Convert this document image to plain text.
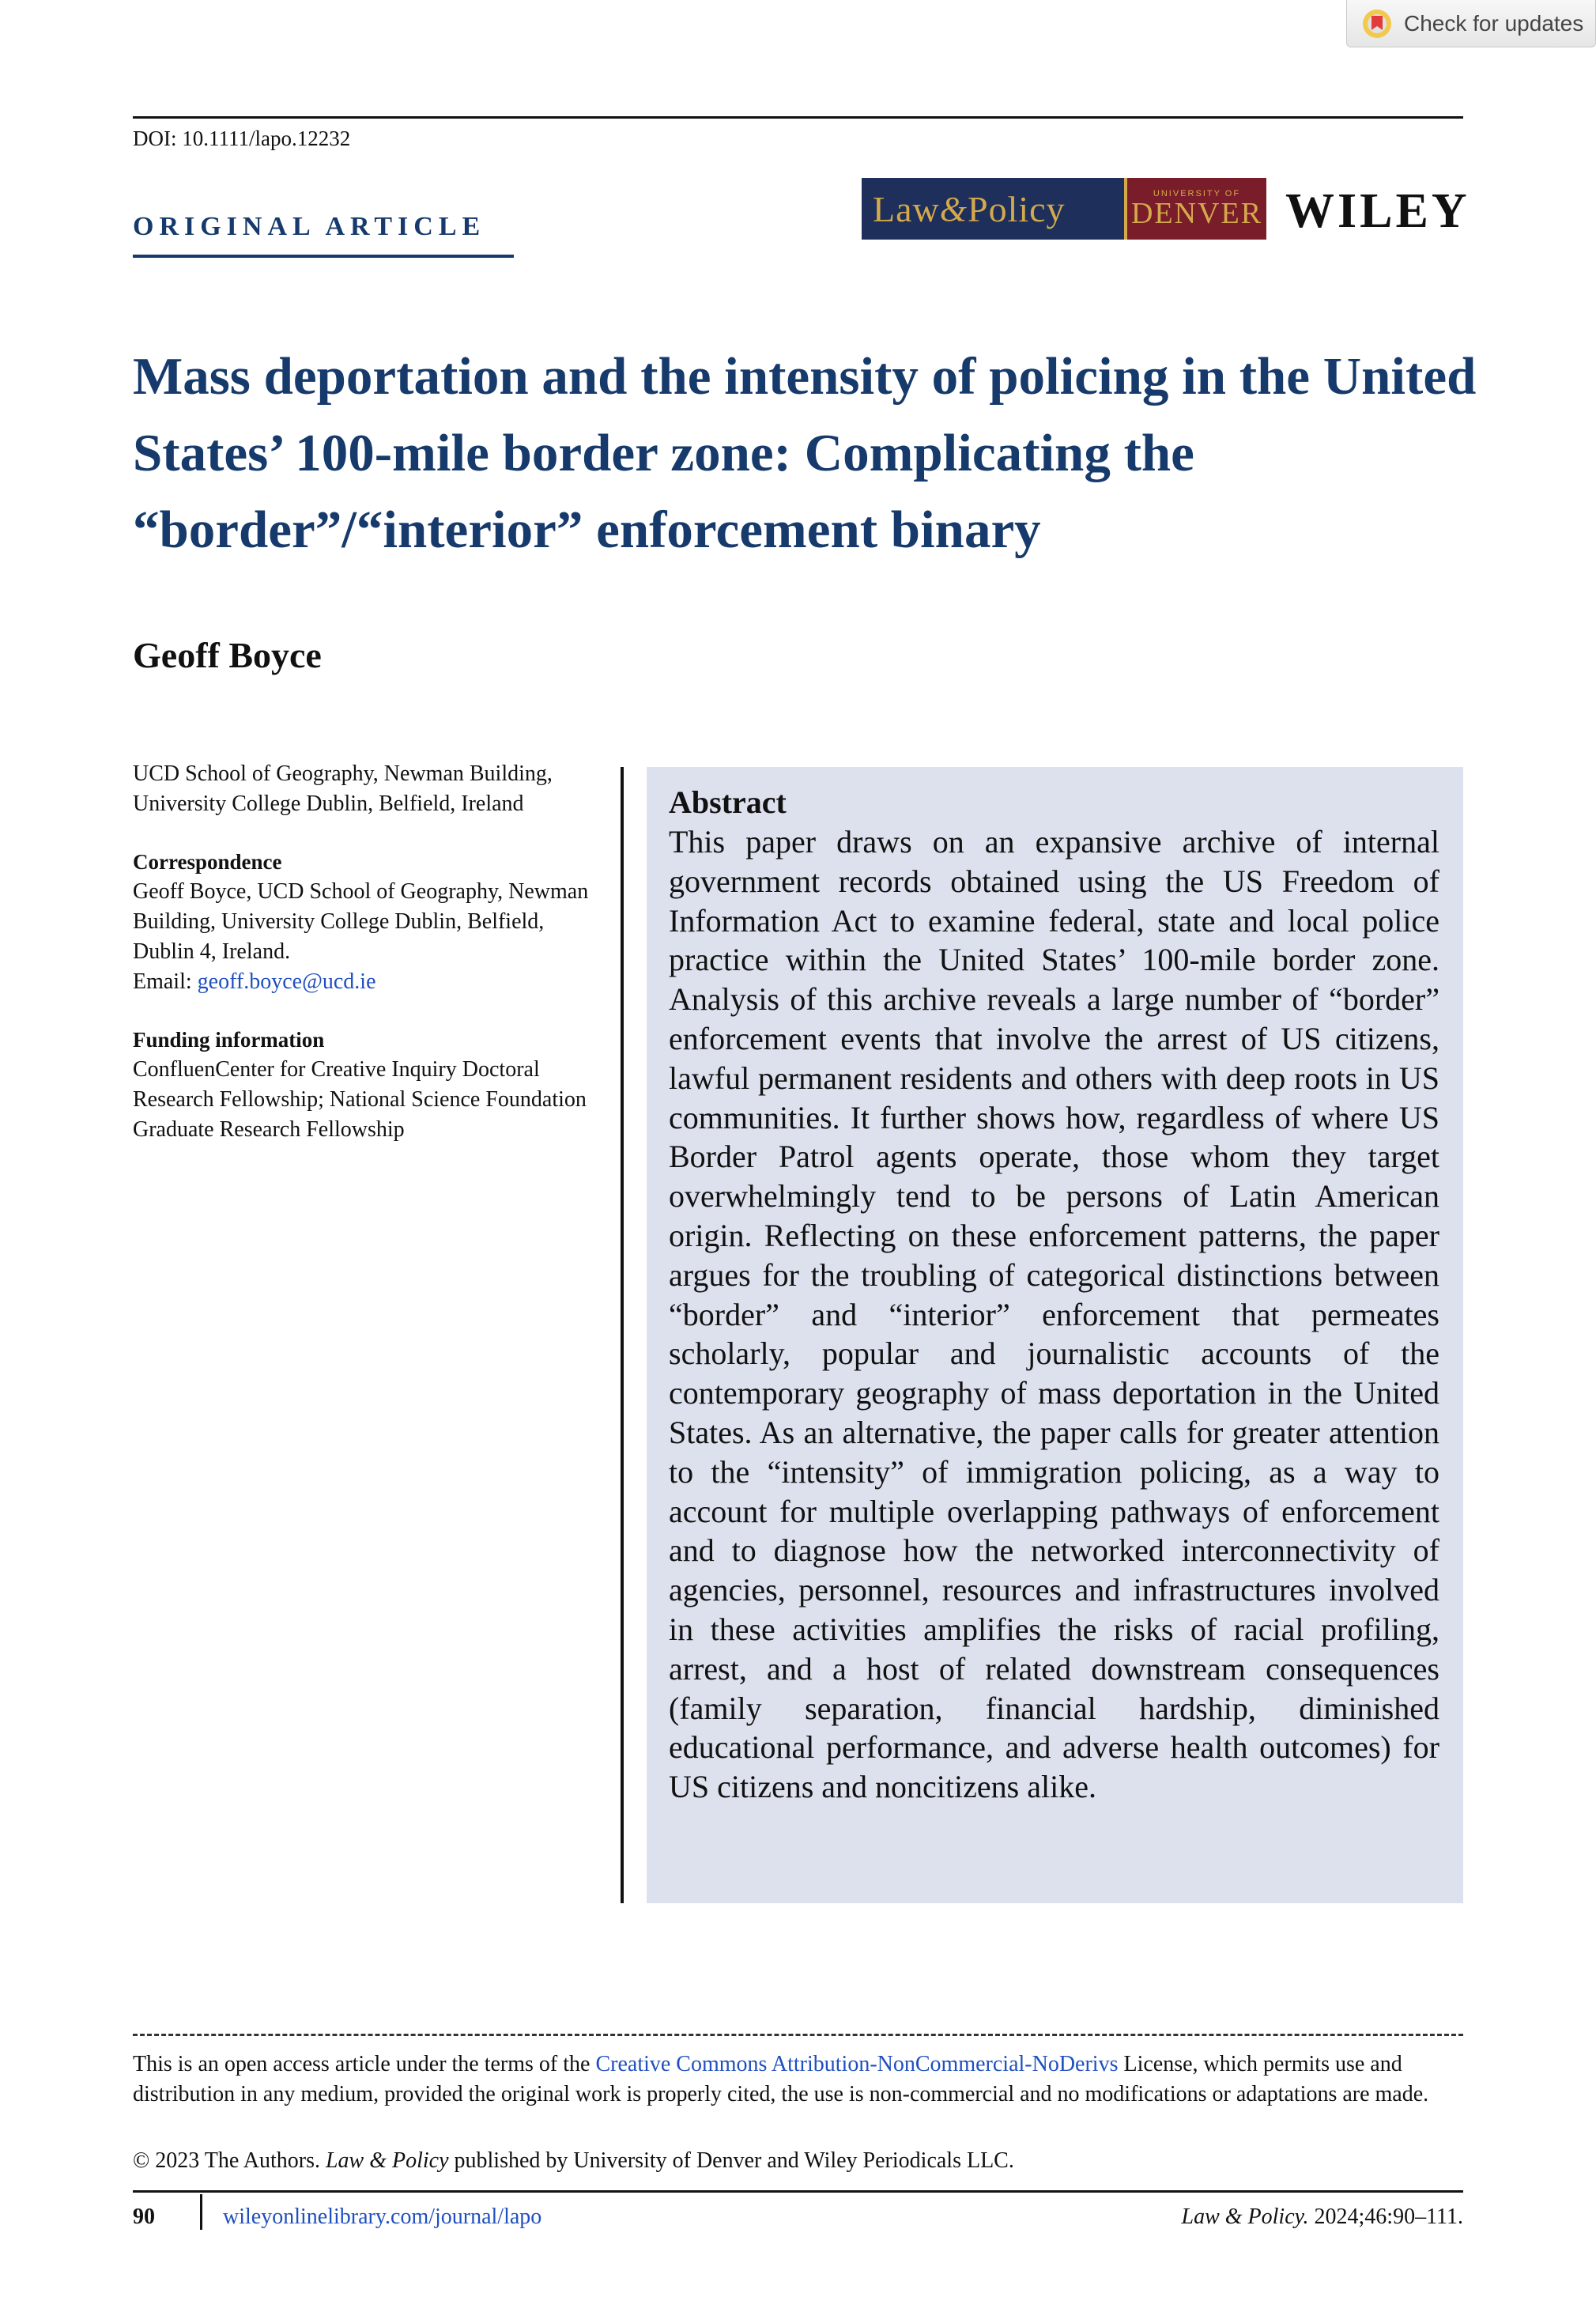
Check for updates
DOI: 10.1111/lapo.12232
ORIGINAL ARTICLE	Law & Policy	UNIVERSITY OF
DENVER WILEY
Mass deportation and the intensity of policing in the United States’ 100-mile border zone: Complicating the “border”/“interior” enforcement binary
Geoff Boyce

UCD School of Geography, Newman Building, University College Dublin, Belfield, Ireland

Correspondence

Geoff Boyce, UCD School of Geography, Newman Building, University College Dublin, Belfield, Dublin 4, Ireland.

Email: geoff.boyce@ucd.ie

Funding information

ConfluenCenter for Creative Inquiry Doctoral Research Fellowship; National Science Foundation Graduate Research Fellowship

Abstract

This paper draws on an expansive archive of internal government records obtained using the US Freedom of Information Act to examine federal, state and local police practice within the United States’ 100-mile border zone. Analysis of this archive reveals a large number of “border” enforcement events that involve the arrest of US citizens, lawful permanent residents and others with deep roots in US communities. It further shows how, regardless of where US Border Patrol agents operate, those whom they target overwhelmingly tend to be persons of Latin American origin. Reflecting on these enforcement patterns, the paper argues for the troubling of categorical distinctions between “border” and “interior” enforcement that permeates scholarly, popular and journalistic accounts of the contemporary geography of mass deportation in the United States. As an alternative, the paper calls for greater attention to the “intensity” of immigration policing, as a way to account for multiple overlapping pathways of enforcement and to diagnose how the networked interconnectivity of agencies, personnel, resources and infrastructures involved in these activities amplifies the risks of racial profiling, arrest, and a host of related downstream consequences (family separation, financial hardship, diminished educational performance, and adverse health outcomes) for US citizens and noncitizens alike.

This is an open access article under the terms of the Creative Commons Attribution-NonCommercial-NoDerivs License, which permits use and distribution in any medium, provided the original work is properly cited, the use is non-commercial and no modifications or adaptations are made.

© 2023 The Authors. Law & Policy published by University of Denver and Wiley Periodicals LLC.
90	wileyonlinelibrary.com/journal/lapo	Law & Policy. 2024;46:90–111.
